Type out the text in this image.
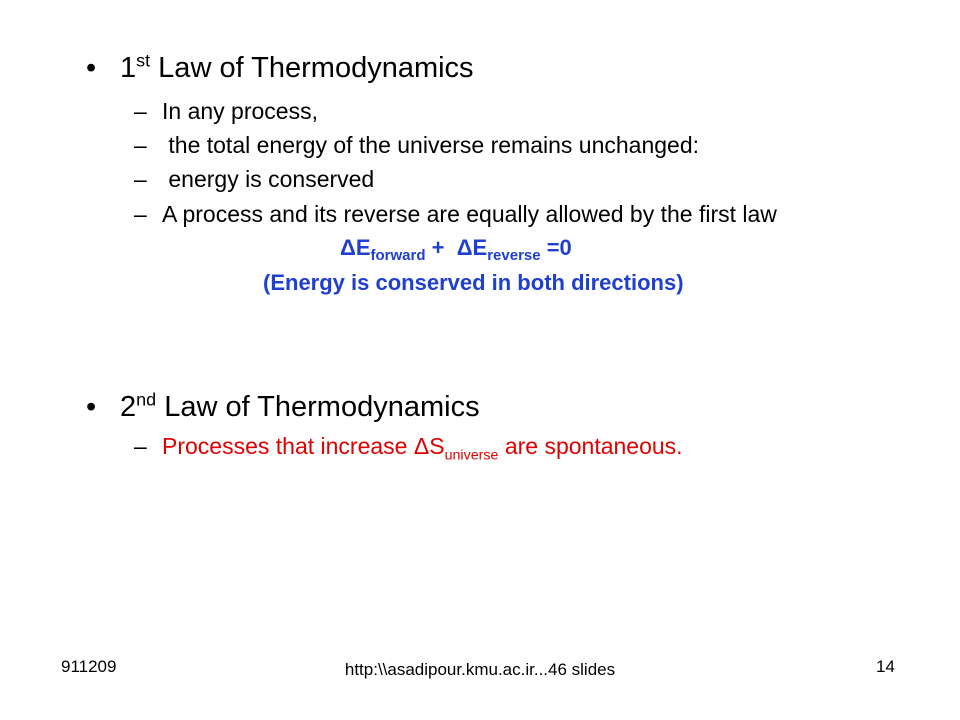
• 1st Law of Thermodynamics
– In any process,
– the total energy of the universe remains unchanged:
– energy is conserved
– A process and its reverse are equally allowed by the first law
$\Delta E_{forward} + \Delta E_{reverse} =0$
(Energy is conserved in both directions)
• 2nd Law of Thermodynamics
– Processes that increase $\Delta S_{universe}$ are spontaneous.
911209	http:\\asadipour.kmu.ac.ir...46 slides	14
